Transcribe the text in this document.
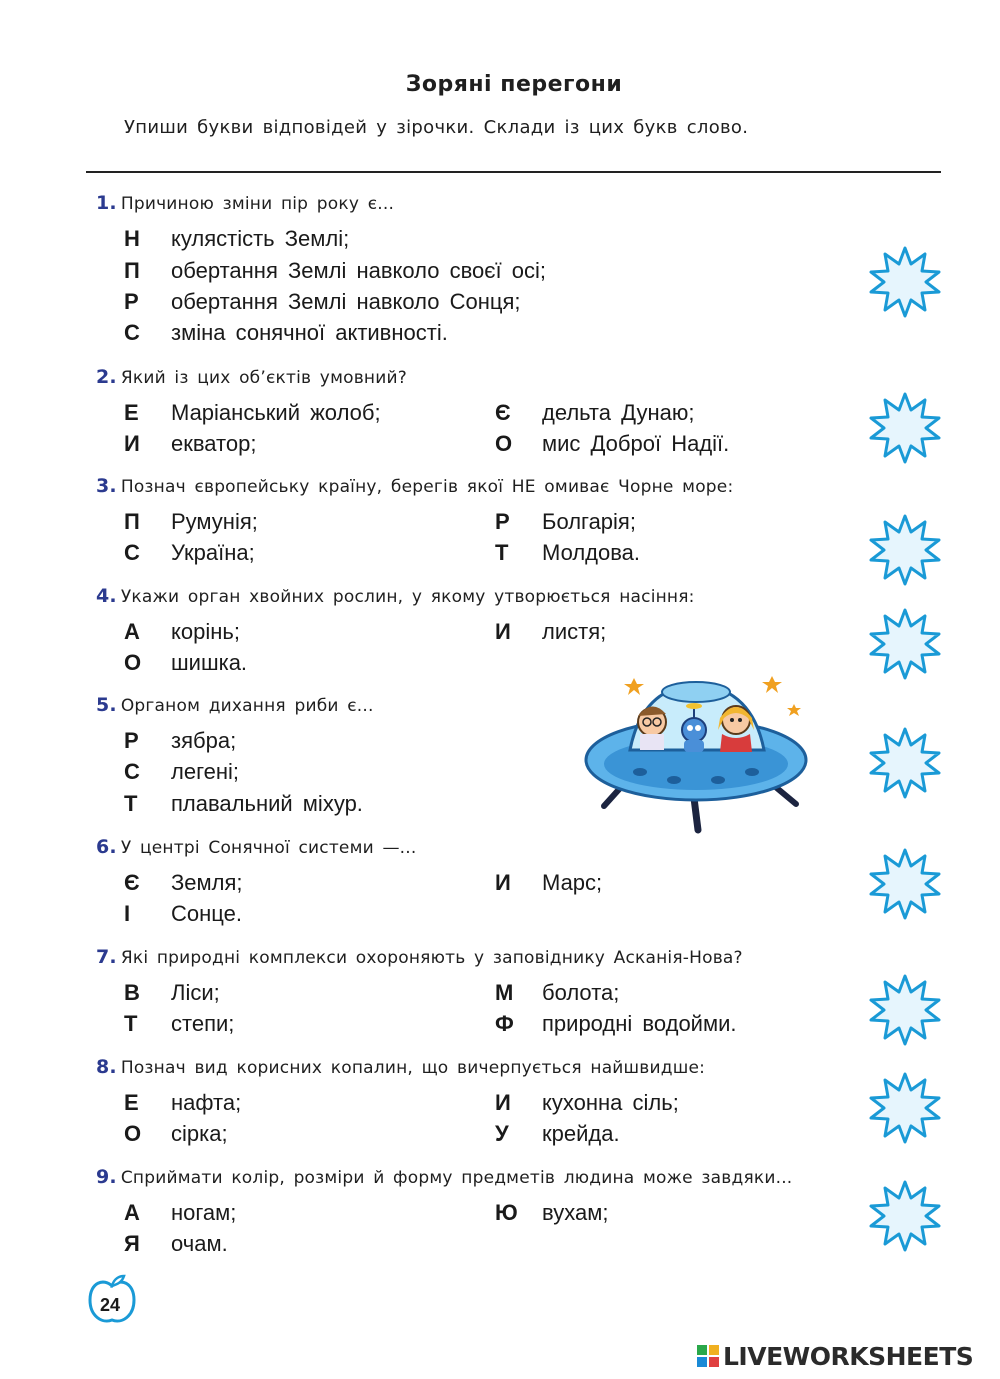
Зоряні перегони
Упиши букви відповідей у зірочки. Склади із цих букв слово.
1. Причиною зміни пір року є...
Н кулястість Землі;
П обертання Землі навколо своєї осі;
Р обертання Землі навколо Сонця;
С зміна сонячної активності.
2. Який із цих об’єктів умовний?
Е Маріанський жолоб;	Є дельта Дунаю;
И екватор;	О мис Доброї Надії.
3. Познач європейську країну, берегів якої НЕ омиває Чорне море:
П Румунія;	Р Болгарія;
С Україна;	Т Молдова.
4. Укажи орган хвойних рослин, у якому утворюється насіння:
А корінь;	И листя;
О шишка.
5. Органом дихання риби є...
Р зябра;
С легені;
Т плавальний міхур.
6. У центрі Сонячної системи —...
Є Земля;	И Марс;
І Сонце.
7. Які природні комплекси охороняють у заповіднику Асканія-Нова?
В Ліси;	М болота;
Т степи;	Ф природні водойми.
8. Познач вид корисних копалин, що вичерпується найшвидше:
Е нафта;	И кухонна сіль;
О сірка;	У крейда.
9. Сприймати колір, розміри й форму предметів людина може завдяки...
А ногам;	Ю вухам;
Я очам.
24
LIVEWORKSHEETS
